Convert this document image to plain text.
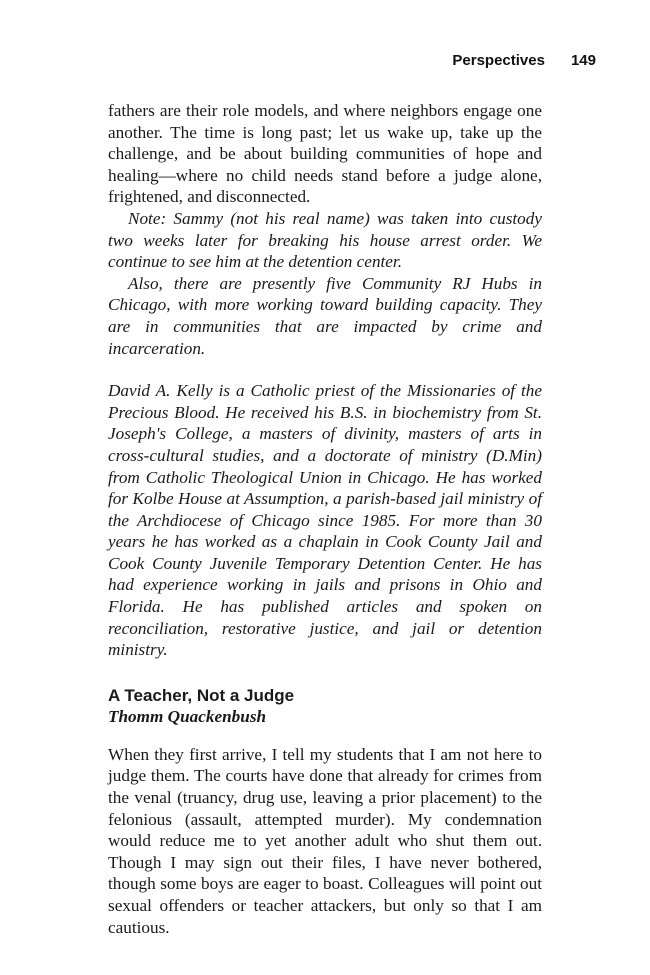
Perspectives 149

fathers are their role models, and where neighbors engage one another. The time is long past; let us wake up, take up the challenge, and be about building communities of hope and healing—where no child needs stand before a judge alone, frightened, and disconnected.

Note: Sammy (not his real name) was taken into custody two weeks later for breaking his house arrest order. We continue to see him at the detention center.

Also, there are presently five Community RJ Hubs in Chicago, with more working toward building capacity. They are in communities that are impacted by crime and incarceration.

David A. Kelly is a Catholic priest of the Missionaries of the Precious Blood. He received his B.S. in biochemistry from St. Joseph's College, a masters of divinity, masters of arts in cross-cultural studies, and a doctorate of ministry (D.Min) from Catholic Theological Union in Chicago. He has worked for Kolbe House at Assumption, a parish-based jail ministry of the Archdiocese of Chicago since 1985. For more than 30 years he has worked as a chaplain in Cook County Jail and Cook County Juvenile Temporary Detention Center. He has had experience working in jails and prisons in Ohio and Florida. He has published articles and spoken on reconciliation, restorative justice, and jail or detention ministry.

A Teacher, Not a Judge
Thomm Quackenbush

When they first arrive, I tell my students that I am not here to judge them. The courts have done that already for crimes from the venal (truancy, drug use, leaving a prior placement) to the felonious (assault, attempted murder). My condemnation would reduce me to yet another adult who shut them out. Though I may sign out their files, I have never bothered, though some boys are eager to boast. Colleagues will point out sexual offenders or teacher attackers, but only so that I am cautious.
